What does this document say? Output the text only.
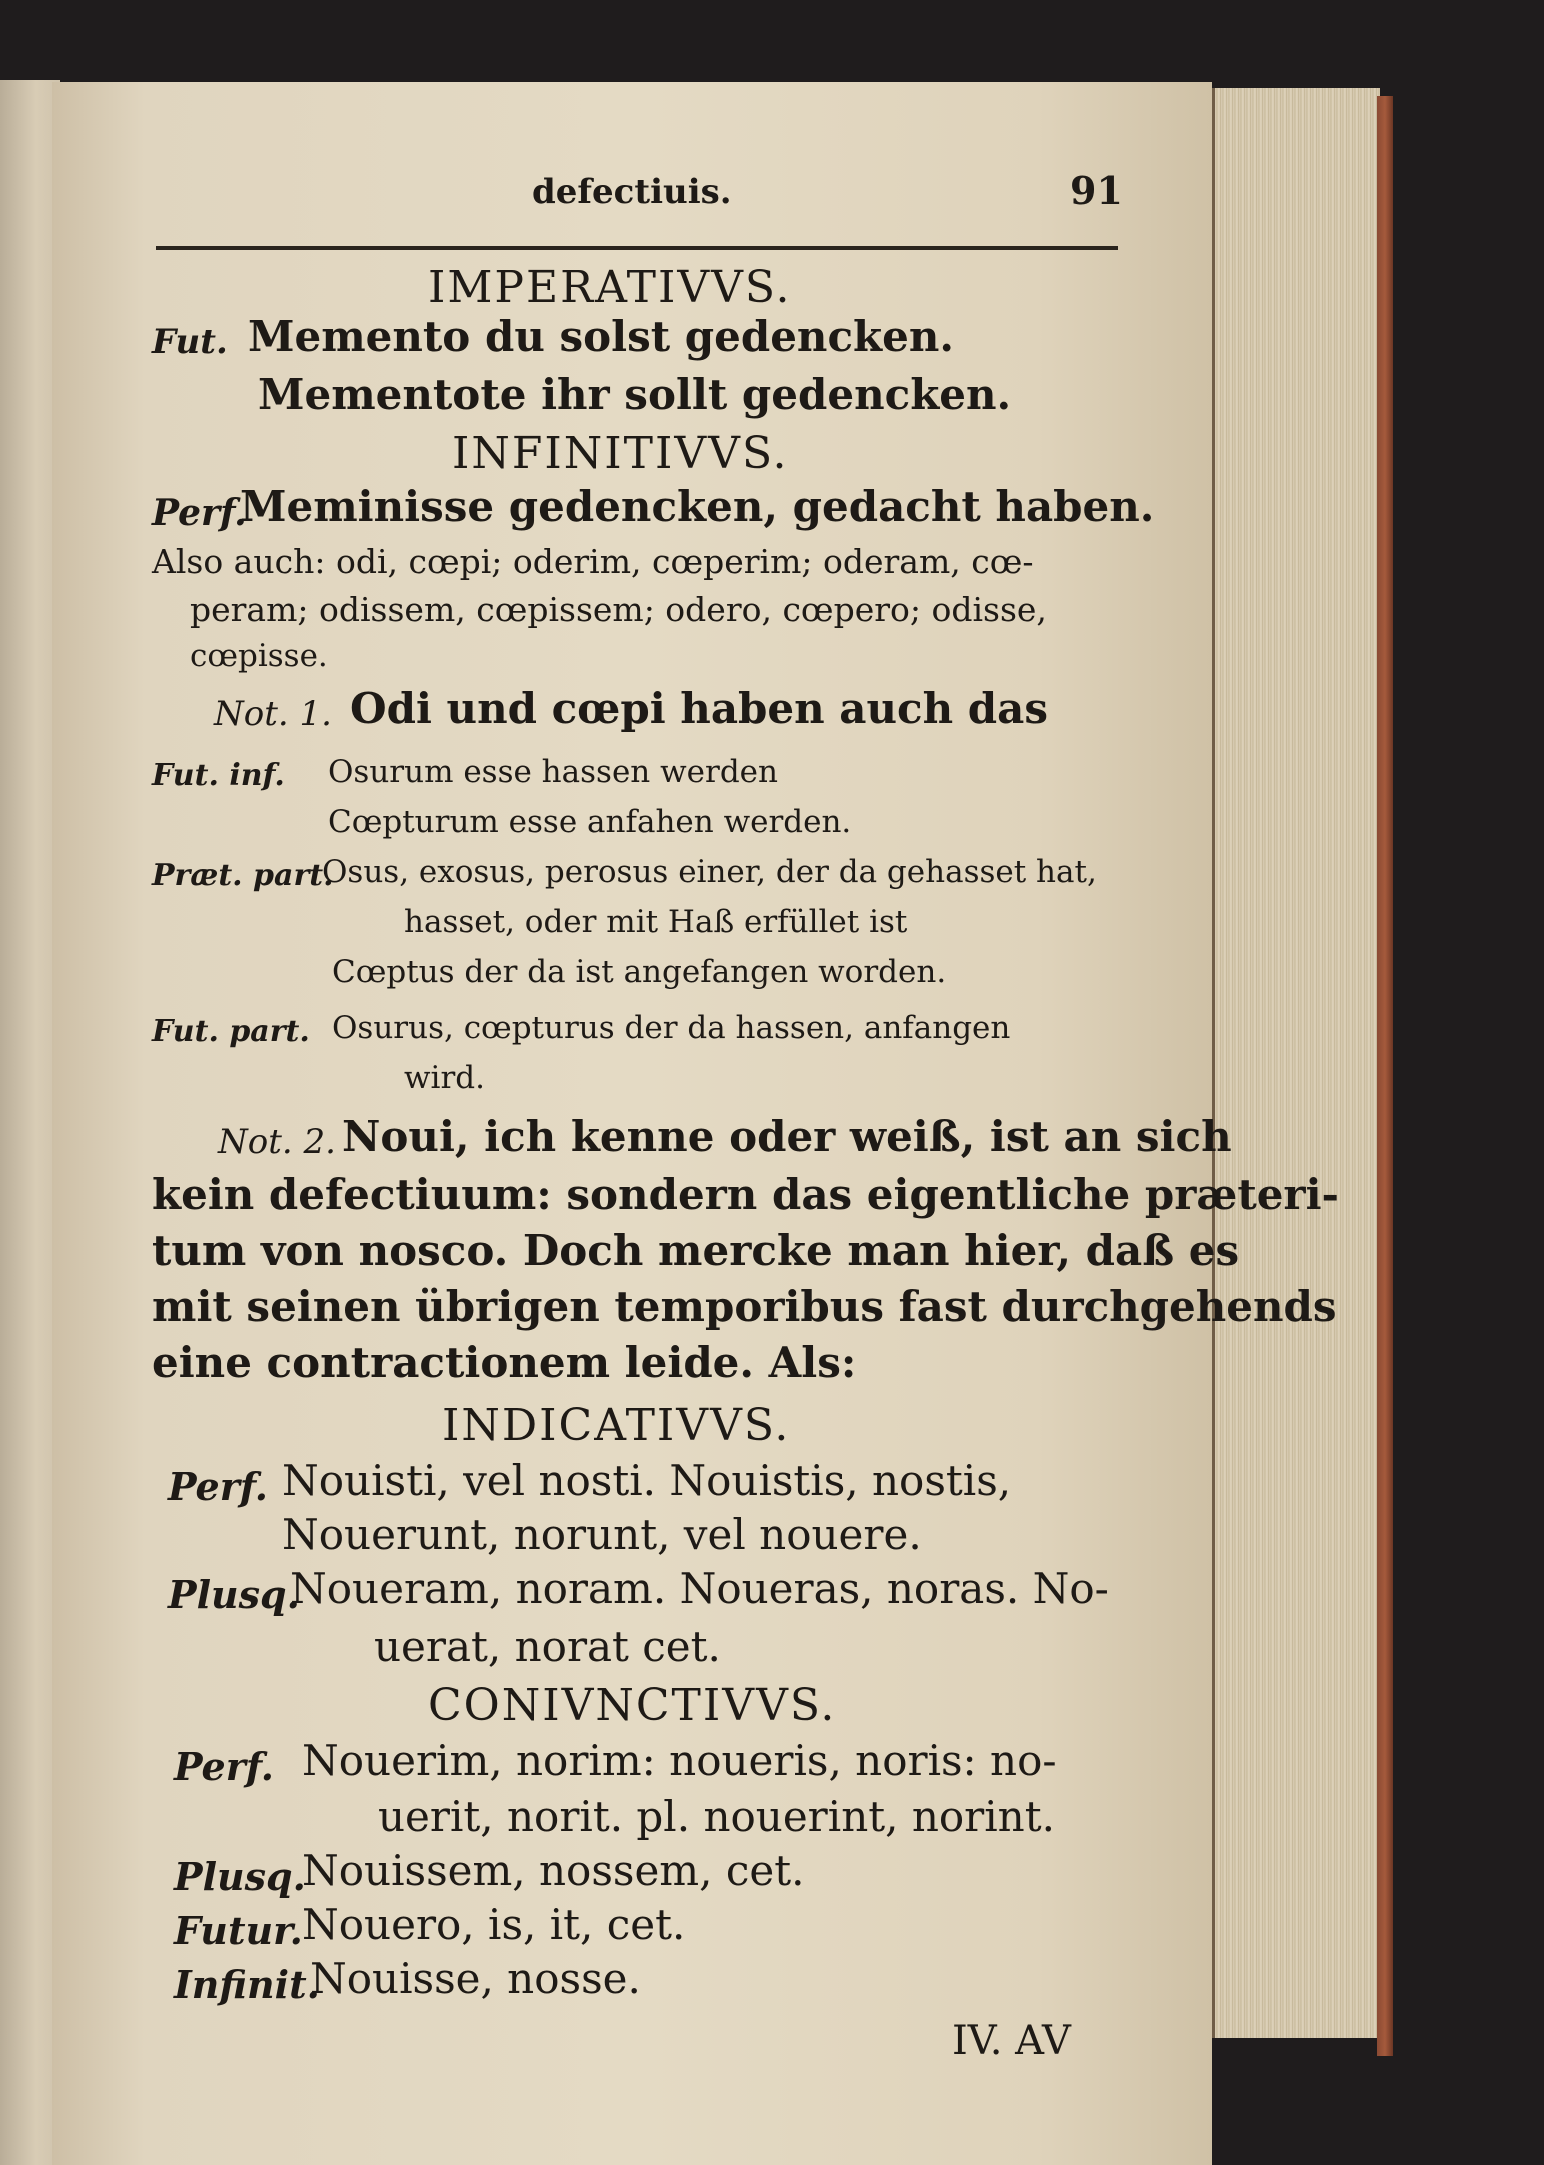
defectiuis.	91
IMPERATIVVS.
Fut. Memento du solst gedencken.
Mementote ihr sollt gedencken.
INFINITIVVS.
Perf.
Meminisse gedencken, gedacht haben.
Also auch: odi, cœpi; oderim, cœperim; oderam, cœ-
peram; odissem, cœpissem; odero, cœpero; odisse,
cœpisse.
Not. 1. Odi und cœpi haben auch das
Fut. inf. Osurum esse hassen werden
Cœpturum esse anfahen werden.
Præt. part.
Osus, exosus, perosus einer, der da gehasset hat,
hasset, oder mit Haß erfüllet ist
Cœptus der da ist angefangen worden.
Fut. part. Osurus, cœpturus der da hassen, anfangen
wird.
Not. 2. Noui, ich kenne oder weiß, ist an sich
kein defectiuum: sondern das eigentliche præteri-
tum von nosco. Doch mercke man hier, daß es
mit seinen übrigen temporibus fast durchgehends
eine contractionem leide. Als:
INDICATIVVS.
Perf. Nouisti, vel nosti. Nouistis, nostis,
Nouerunt, norunt, vel nouere.
Plusq.
Noueram, noram. Noueras, noras. No-
uerat, norat cet.
CONIVNCTIVVS.
Perf. Nouerim, norim: noueris, noris: no-
uerit, norit. pl. nouerint, norint.
Plusq.
Nouissem, nossem, cet.
Futur. Nouero, is, it, cet.
Infinit.
Nouisse, nosse.
IV. AV
